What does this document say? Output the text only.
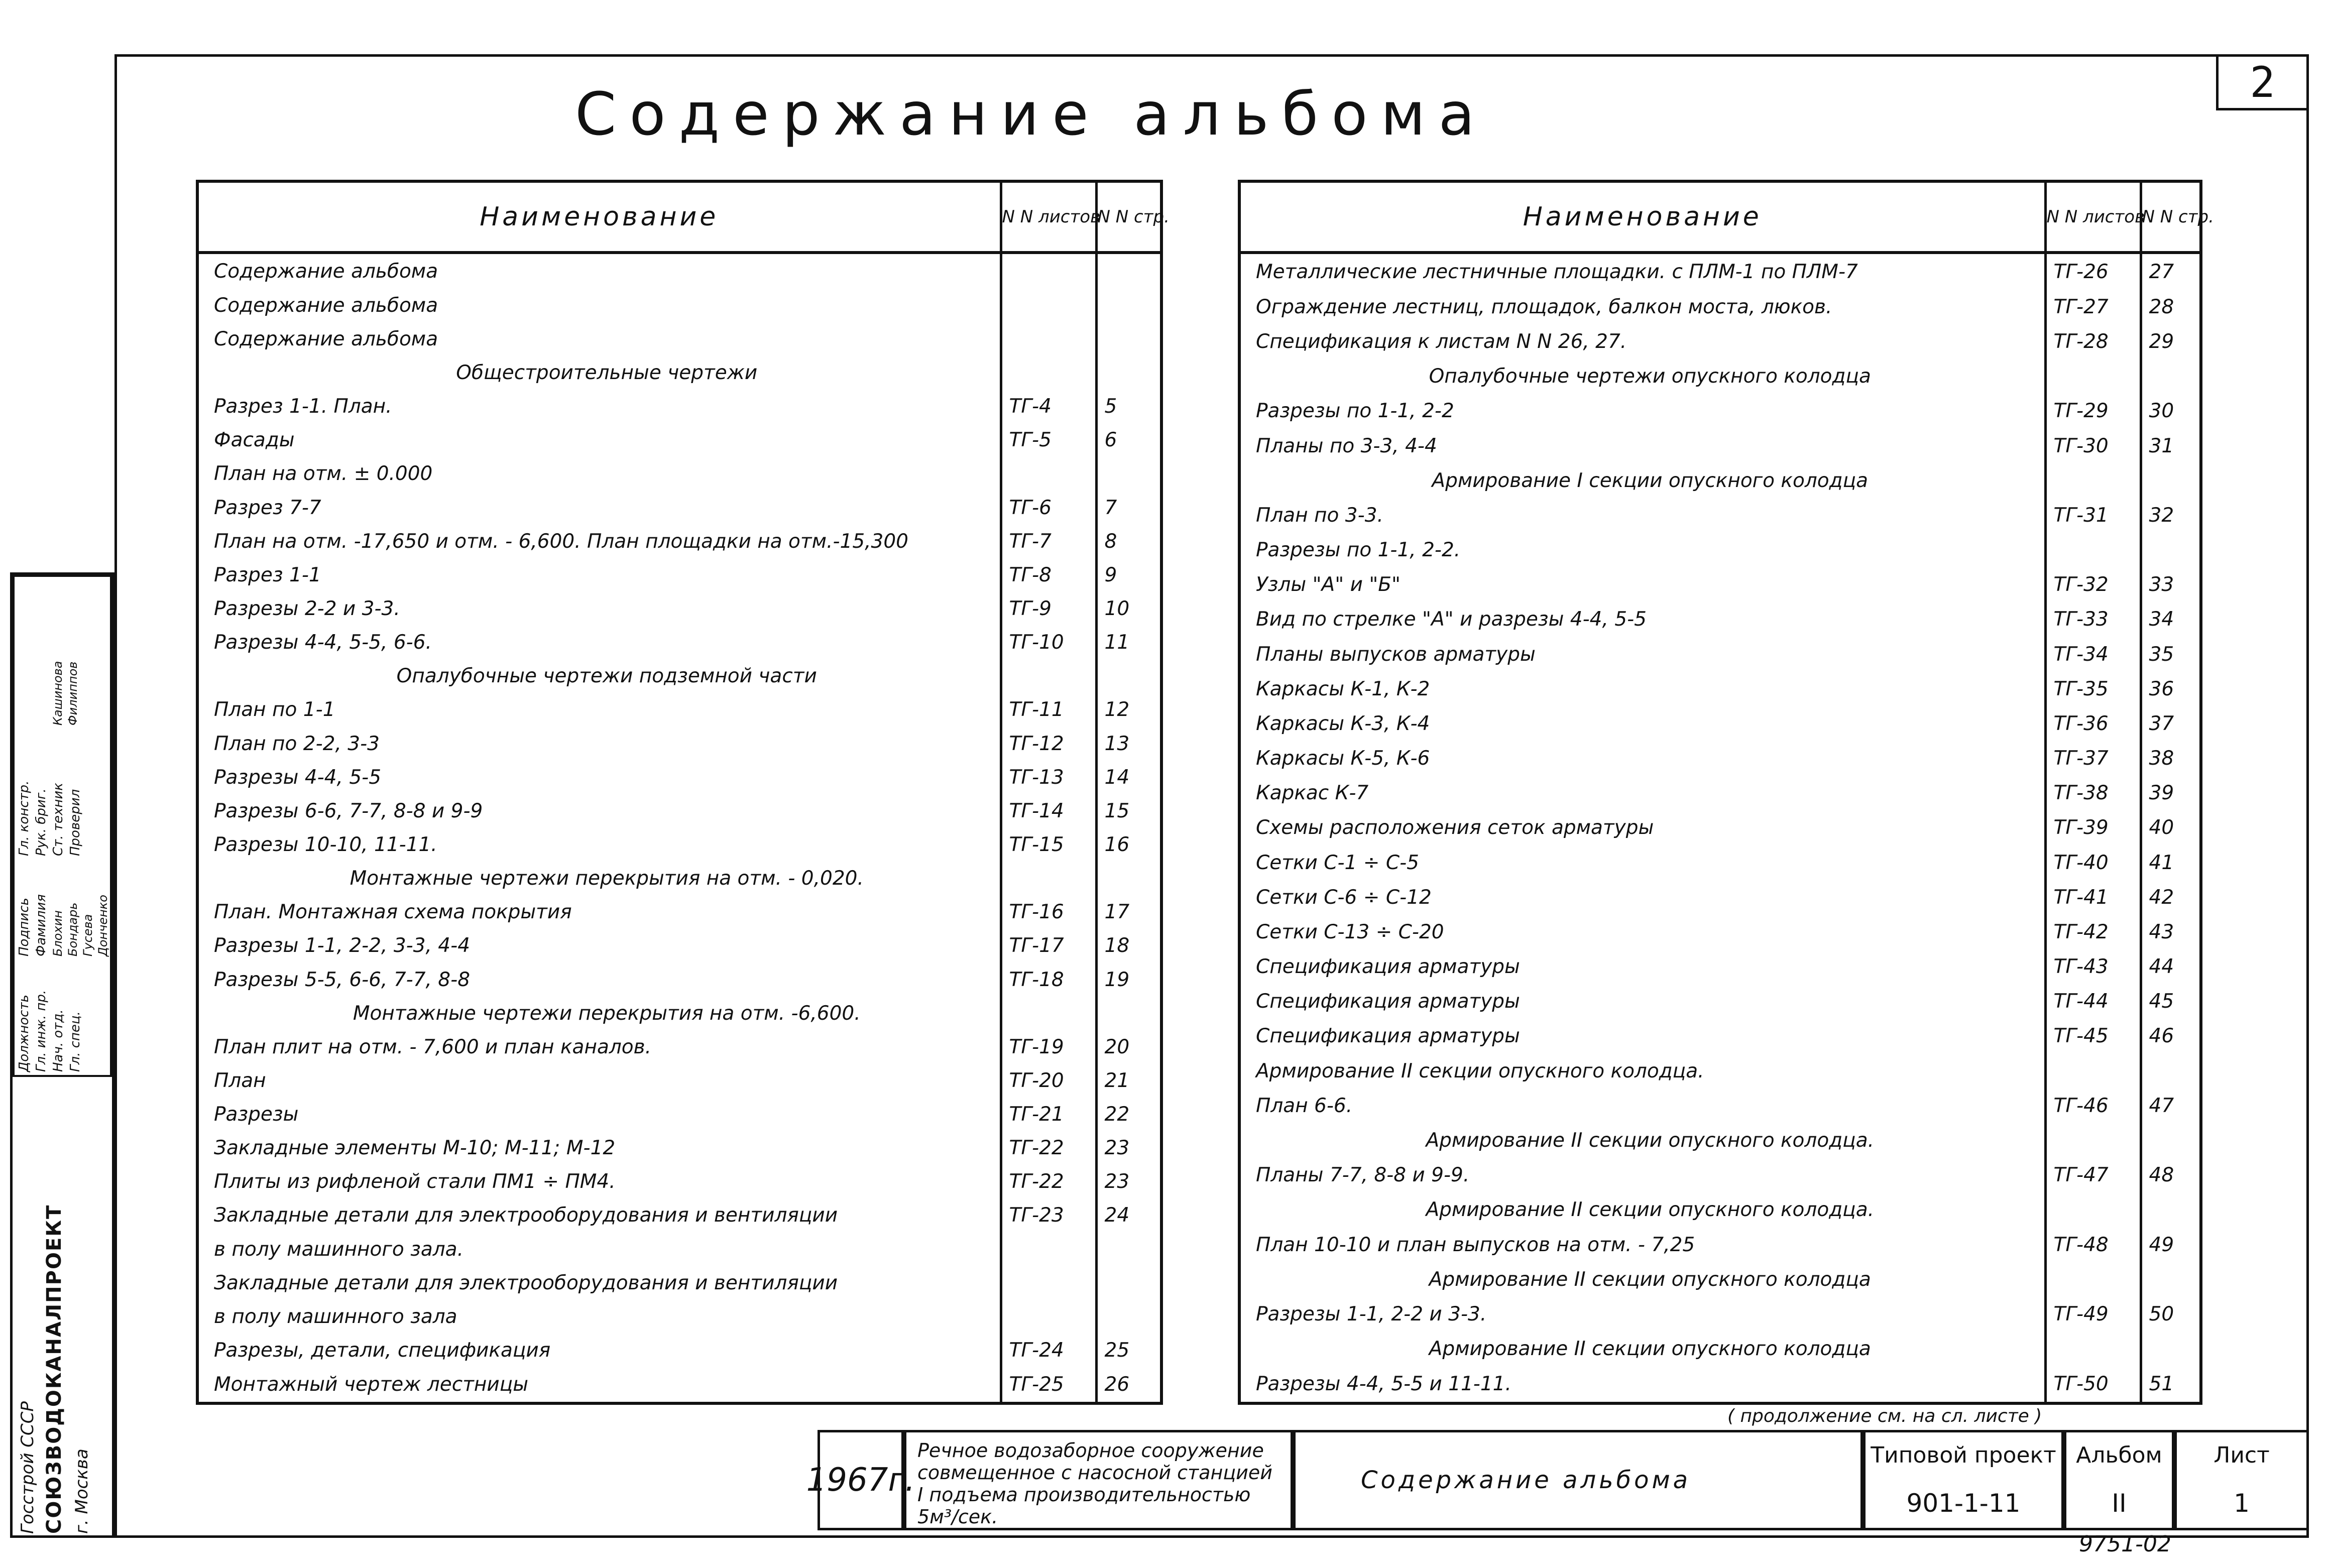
2
Содержание альбома
Наименование	N N листов	N N стр.
Содержание альбома		
Содержание альбома		
Содержание альбома		
Общестроительные чертежи		
Разрез 1-1. План.	ТГ-4	5
Фасады	ТГ-5	6
План на отм. ± 0.000		
Разрез 7-7	ТГ-6	7
План на отм. -17,650 и отм. - 6,600. План площадки на отм.-15,300	ТГ-7	8
Разрез 1-1	ТГ-8	9
Разрезы 2-2 и 3-3.	ТГ-9	10
Разрезы 4-4, 5-5, 6-6.	ТГ-10	11
Опалубочные чертежи подземной части		
План по 1-1	ТГ-11	12
План по 2-2, 3-3	ТГ-12	13
Разрезы 4-4, 5-5	ТГ-13	14
Разрезы 6-6, 7-7, 8-8 и 9-9	ТГ-14	15
Разрезы 10-10, 11-11.	ТГ-15	16
Монтажные чертежи перекрытия на отм. - 0,020.		
План. Монтажная схема покрытия	ТГ-16	17
Разрезы 1-1, 2-2, 3-3, 4-4	ТГ-17	18
Разрезы 5-5, 6-6, 7-7, 8-8	ТГ-18	19
Монтажные чертежи перекрытия на отм. -6,600.		
План плит на отм. - 7,600 и план каналов.	ТГ-19	20
План	ТГ-20	21
Разрезы	ТГ-21	22
Закладные элементы М-10; М-11; М-12	ТГ-22	23
Плиты из рифленой стали ПМ1 ÷ ПМ4.	ТГ-22	23
Закладные детали для электрооборудования и вентиляции	ТГ-23	24
в полу машинного зала.		
Закладные детали для электрооборудования и вентиляции		
в полу машинного зала		
Разрезы, детали, спецификация	ТГ-24	25
Монтажный чертеж лестницы	ТГ-25	26
Наименование	N N листов	N N стр.
Металлические лестничные площадки. с ПЛМ-1 по ПЛМ-7	ТГ-26	27
Ограждение лестниц, площадок, балкон моста, люков.	ТГ-27	28
Спецификация к листам N N 26, 27.	ТГ-28	29
Опалубочные чертежи опускного колодца		
Разрезы по 1-1, 2-2	ТГ-29	30
Планы по 3-3, 4-4	ТГ-30	31
Армирование I секции опускного колодца		
План по 3-3.	ТГ-31	32
Разрезы по 1-1, 2-2.		
Узлы "А" и "Б"	ТГ-32	33
Вид по стрелке "А" и разрезы 4-4, 5-5	ТГ-33	34
Планы выпусков арматуры	ТГ-34	35
Каркасы К-1, К-2	ТГ-35	36
Каркасы К-3, К-4	ТГ-36	37
Каркасы К-5, К-6	ТГ-37	38
Каркас К-7	ТГ-38	39
Схемы расположения сеток арматуры	ТГ-39	40
Сетки С-1 ÷ С-5	ТГ-40	41
Сетки С-6 ÷ С-12	ТГ-41	42
Сетки С-13 ÷ С-20	ТГ-42	43
Спецификация арматуры	ТГ-43	44
Спецификация арматуры	ТГ-44	45
Спецификация арматуры	ТГ-45	46
Армирование II секции опускного колодца.		
План 6-6.	ТГ-46	47
Армирование II секции опускного колодца.		
Планы 7-7, 8-8 и 9-9.	ТГ-47	48
Армирование II секции опускного колодца.		
План 10-10 и план выпусков на отм. - 7,25	ТГ-48	49
Армирование II секции опускного колодца		
Разрезы 1-1, 2-2 и 3-3.	ТГ-49	50
Армирование II секции опускного колодца		
Разрезы 4-4, 5-5 и 11-11.	ТГ-50	51
( продолжение см. на сл. листе )
1967г.
Речное водозаборное сооружение совмещенное с насосной станцией I подъема производительностью 5м³/сек.
Содержание альбома
Типовой проект
901-1-11
Альбом
II
Лист
1
9751-02
Госстрой СССР СОЮЗВОДОКАНАЛПРОЕКТ г. Москва
Должность Гл. инж. пр. Нач. отд. Гл. спец.
Гл. констр. Рук. бриг. Ст. техник Проверил
Подпись Фамилия Блохин Бондарь Гусева Донченко
Кашинова Филиппов
